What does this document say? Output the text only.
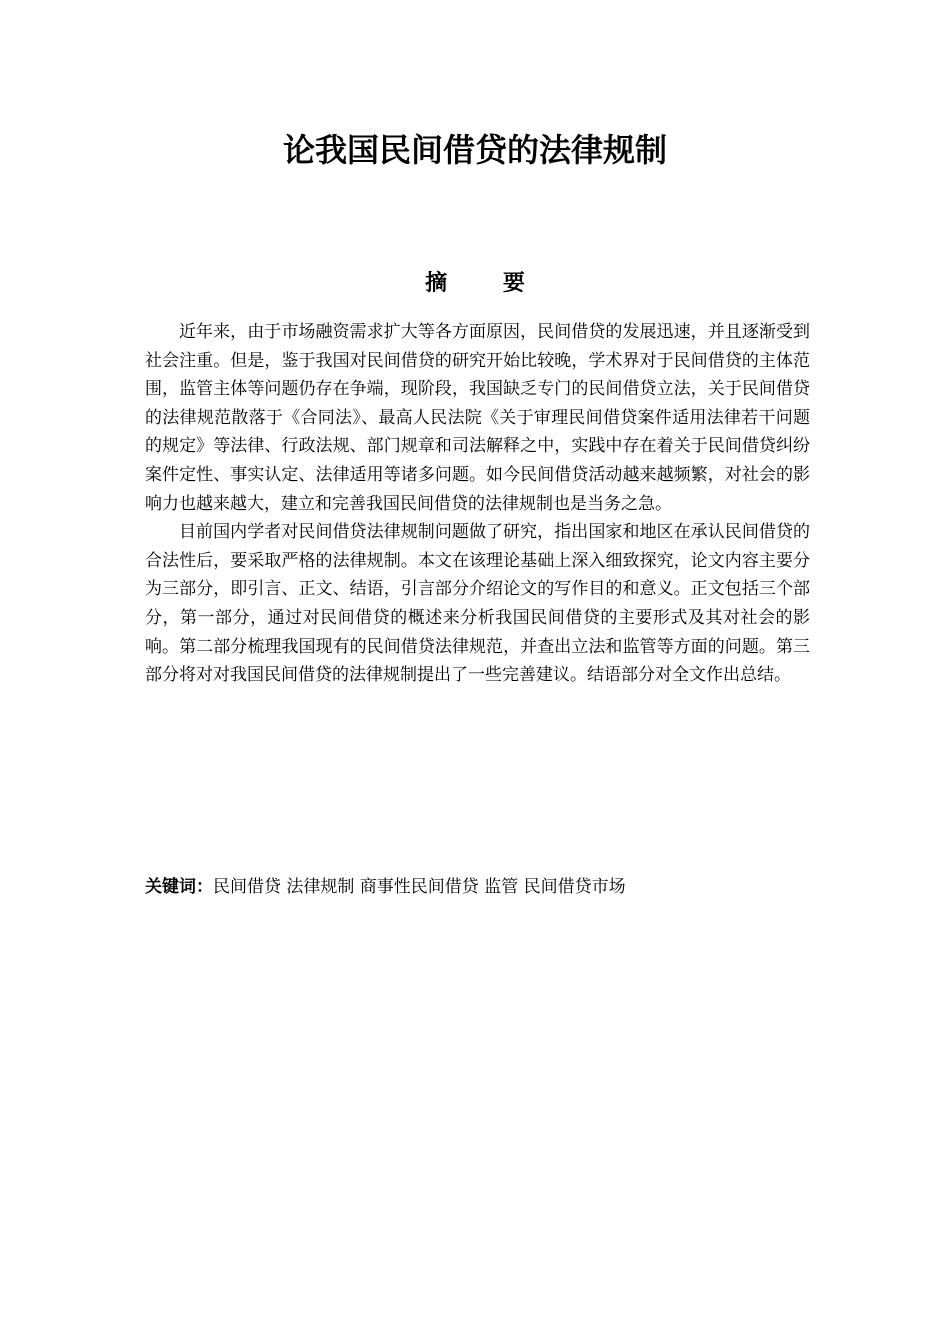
论我国民间借贷的法律规制
摘 要

近年来，由于市场融资需求扩大等各方面原因，民间借贷的发展迅速，并且逐渐受到社会注重。但是，鉴于我国对民间借贷的研究开始比较晚，学术界对于民间借贷的主体范围，监管主体等问题仍存在争端，现阶段，我国缺乏专门的民间借贷立法，关于民间借贷的法律规范散落于《合同法》、最高人民法院《关于审理民间借贷案件适用法律若干问题的规定》等法律、行政法规、部门规章和司法解释之中，实践中存在着关于民间借贷纠纷案件定性、事实认定、法律适用等诸多问题。如今民间借贷活动越来越频繁，对社会的影响力也越来越大，建立和完善我国民间借贷的法律规制也是当务之急。

目前国内学者对民间借贷法律规制问题做了研究，指出国家和地区在承认民间借贷的合法性后，要采取严格的法律规制。本文在该理论基础上深入细致探究，论文内容主要分为三部分，即引言、正文、结语，引言部分介绍论文的写作目的和意义。正文包括三个部分，第一部分，通过对民间借贷的概述来分析我国民间借贷的主要形式及其对社会的影响。第二部分梳理我国现有的民间借贷法律规范，并查出立法和监管等方面的问题。第三部分将对对我国民间借贷的法律规制提出了一些完善建议。结语部分对全文作出总结。

关键词：民间借贷 法律规制 商事性民间借贷 监管 民间借贷市场
